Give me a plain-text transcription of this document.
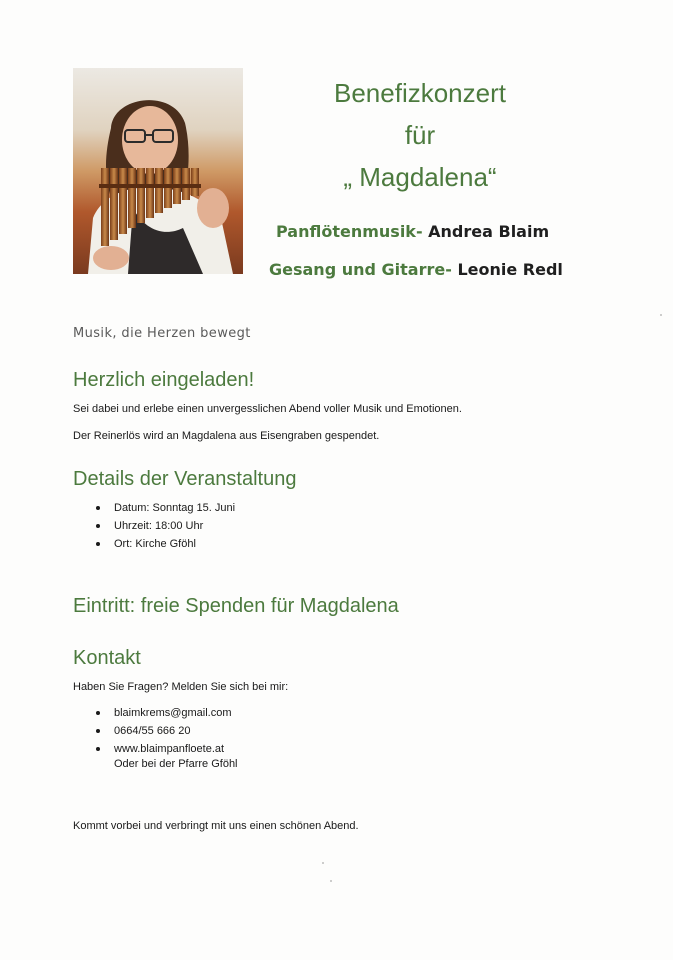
Benefizkonzert
für
„ Magdalena“
Panflötenmusik- Andrea Blaim
Gesang und Gitarre- Leonie Redl
Musik, die Herzen bewegt
Herzlich eingeladen!
Sei dabei und erlebe einen unvergesslichen Abend voller Musik und Emotionen.
Der Reinerlös wird an Magdalena aus Eisengraben gespendet.
Details der Veranstaltung
Datum: Sonntag 15. Juni
Uhrzeit: 18:00 Uhr
Ort: Kirche Gföhl
Eintritt: freie Spenden für Magdalena
Kontakt
Haben Sie Fragen? Melden Sie sich bei mir:
blaimkrems@gmail.com
0664/55 666 20
www.blaimpanfloete.at
Oder bei der Pfarre Gföhl
Kommt vorbei und verbringt mit uns einen schönen Abend.
